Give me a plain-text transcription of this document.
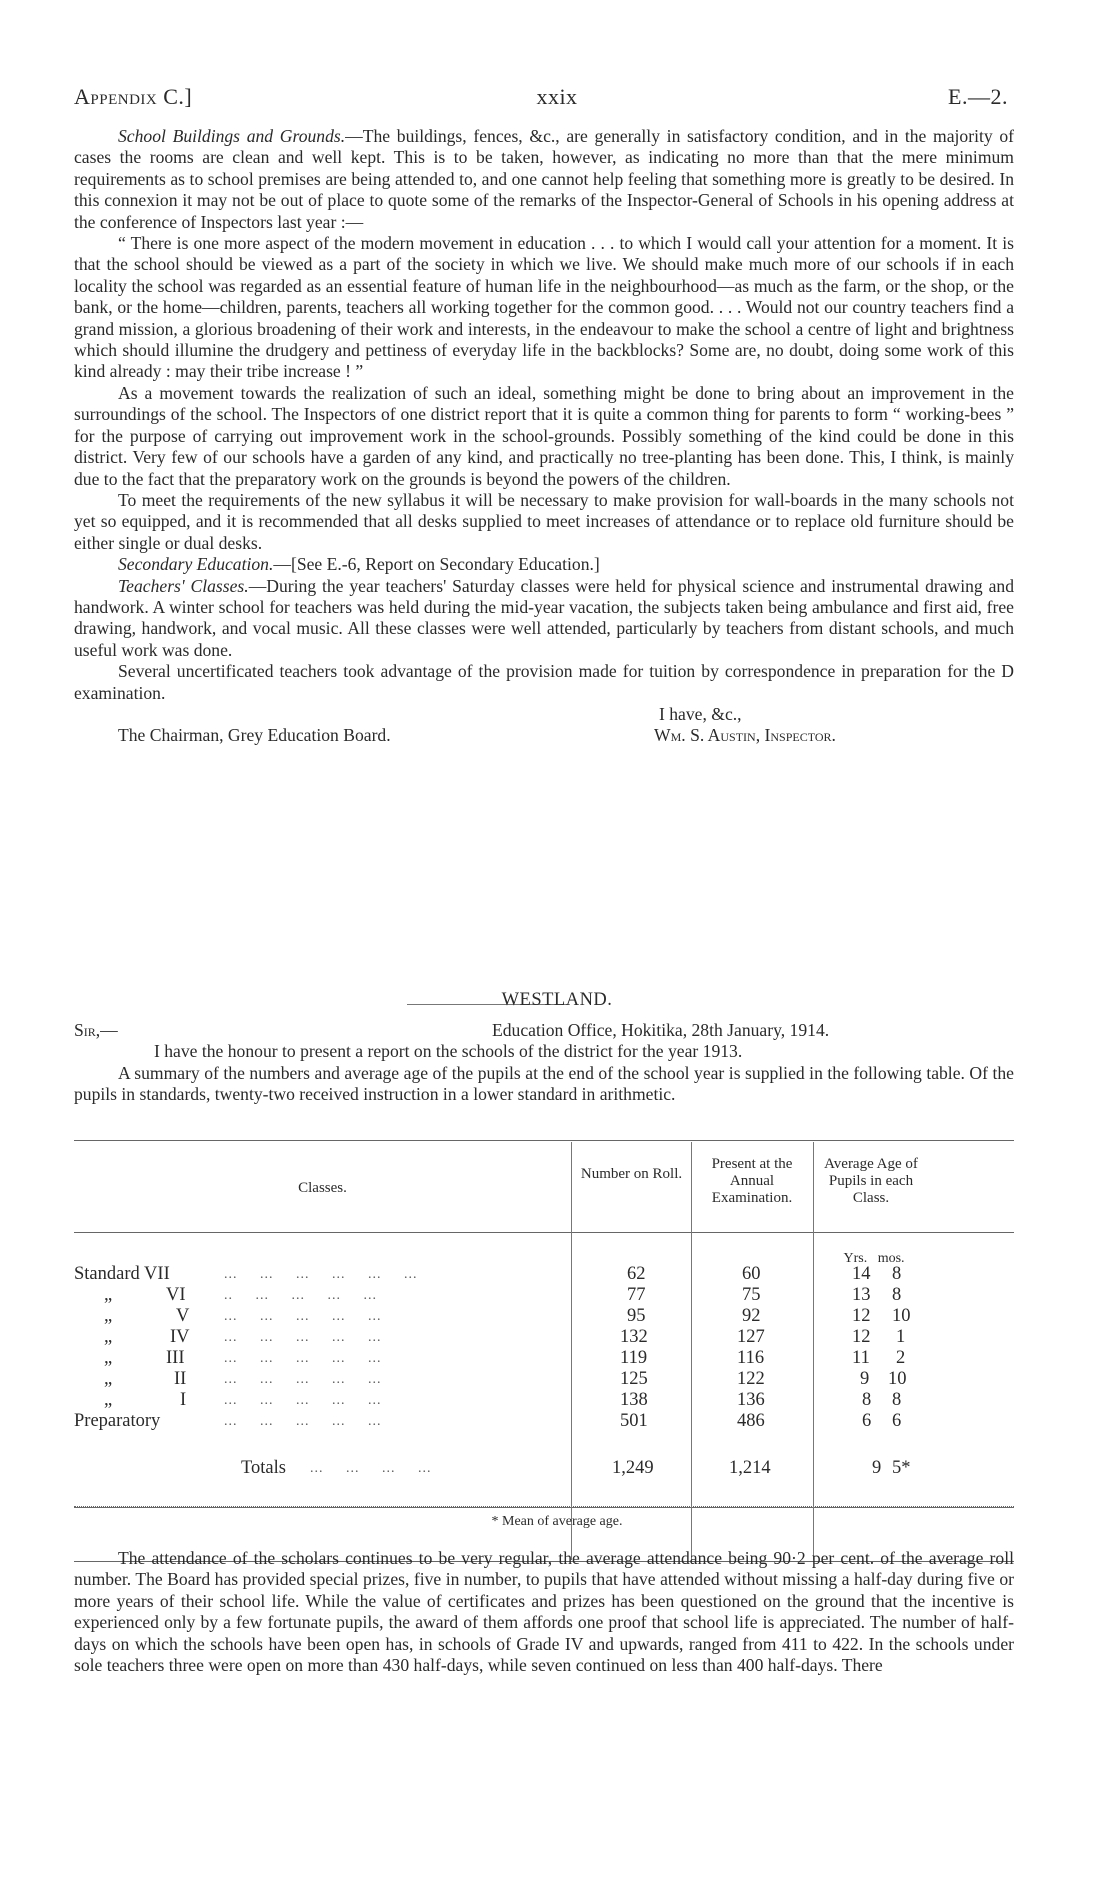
Appendix C.]	xxix	E.—2.

School Buildings and Grounds.—The buildings, fences, &c., are generally in satisfactory condition, and in the majority of cases the rooms are clean and well kept. This is to be taken, however, as indicating no more than that the mere minimum requirements as to school premises are being attended to, and one cannot help feeling that something more is greatly to be desired. In this connexion it may not be out of place to quote some of the remarks of the Inspector-General of Schools in his opening address at the conference of Inspectors last year :—

“ There is one more aspect of the modern movement in education . . . to which I would call your attention for a moment. It is that the school should be viewed as a part of the society in which we live. We should make much more of our schools if in each locality the school was regarded as an essential feature of human life in the neighbourhood—as much as the farm, or the shop, or the bank, or the home—children, parents, teachers all working together for the common good. . . . Would not our country teachers find a grand mission, a glorious broadening of their work and interests, in the endeavour to make the school a centre of light and brightness which should illumine the drudgery and pettiness of everyday life in the backblocks? Some are, no doubt, doing some work of this kind already : may their tribe increase ! ”

As a movement towards the realization of such an ideal, something might be done to bring about an improvement in the surroundings of the school. The Inspectors of one district report that it is quite a common thing for parents to form “ working-bees ” for the purpose of carrying out improvement work in the school-grounds. Possibly something of the kind could be done in this district. Very few of our schools have a garden of any kind, and practically no tree-planting has been done. This, I think, is mainly due to the fact that the preparatory work on the grounds is beyond the powers of the children.

To meet the requirements of the new syllabus it will be necessary to make provision for wall-boards in the many schools not yet so equipped, and it is recommended that all desks supplied to meet increases of attendance or to replace old furniture should be either single or dual desks.

Secondary Education.—[See E.-6, Report on Secondary Education.]

Teachers' Classes.—During the year teachers' Saturday classes were held for physical science and instrumental drawing and handwork. A winter school for teachers was held during the mid-year vacation, the subjects taken being ambulance and first aid, free drawing, handwork, and vocal music. All these classes were well attended, particularly by teachers from distant schools, and much useful work was done.

Several uncertificated teachers took advantage of the provision made for tuition by correspondence in preparation for the D examination.

I have, &c.,
The Chairman, Grey Education Board.	Wm. S. Austin, Inspector.
WESTLAND.
Sir,—	Education Office, Hokitika, 28th January, 1914.

I have the honour to present a report on the schools of the district for the year 1913.

A summary of the numbers and average age of the pupils at the end of the school year is supplied in the following table. Of the pupils in standards, twenty-two received instruction in a lower standard in arithmetic.

Classes.
Number on Roll.
Present at the Annual Examination.
Average Age of Pupils in each Class.
Yrs.   mos.
Standard VII	...     ...     ...     ...     ...     ...	62	60	14 8
„	VI	..     ...     ...     ...     ...	77	75	13 8
„	V ...     ...     ...     ...     ...	95	92	12 10
„	IV ...     ...     ...     ...     ...	132	127	12 1
„	III	...     ...     ...     ...     ...	119	116	11 2
„	II	...     ...     ...     ...     ...	125	122	9 10
„	I	...     ...     ...     ...     ...	138	136	8 8
Preparatory	...     ...     ...     ...     ...	501	486	6 6
Totals ...     ...     ...     ...	1,249	1,214	9 5*
* Mean of average age.

The attendance of the scholars continues to be very regular, the average attendance being 90·2 per cent. of the average roll number. The Board has provided special prizes, five in number, to pupils that have attended without missing a half-day during five or more years of their school life. While the value of certificates and prizes has been questioned on the ground that the incentive is experienced only by a few fortunate pupils, the award of them affords one proof that school life is appreciated. The number of half-days on which the schools have been open has, in schools of Grade IV and upwards, ranged from 411 to 422. In the schools under sole teachers three were open on more than 430 half-days, while seven continued on less than 400 half-days. There
